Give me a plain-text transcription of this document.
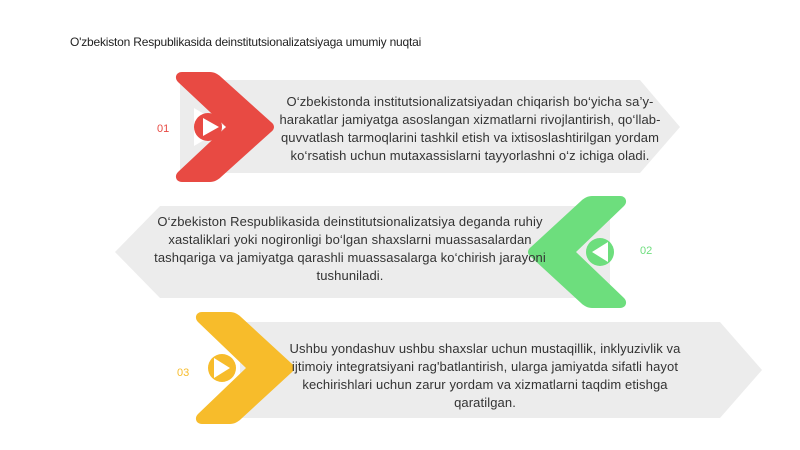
O'zbekiston Respublikasida deinstitutsionalizatsiyaga umumiy nuqtai
01
O‘zbekistonda institutsionalizatsiyadan chiqarish bo‘yicha sa’y-harakatlar jamiyatga asoslangan xizmatlarni rivojlantirish, qo‘llab-quvvatlash tarmoqlarini tashkil etish va ixtisoslashtirilgan yordam ko‘rsatish uchun mutaxassislarni tayyorlashni o‘z ichiga oladi.
02
O‘zbekiston Respublikasida deinstitutsionalizatsiya deganda ruhiy xastaliklari yoki nogironligi bo‘lgan shaxslarni muassasalardan tashqariga va jamiyatga qarashli muassasalarga ko‘chirish jarayoni tushuniladi.
03
Ushbu yondashuv ushbu shaxslar uchun mustaqillik, inklyuzivlik va ijtimoiy integratsiyani rag'batlantirish, ularga jamiyatda sifatli hayot kechirishlari uchun zarur yordam va xizmatlarni taqdim etishga qaratilgan.
